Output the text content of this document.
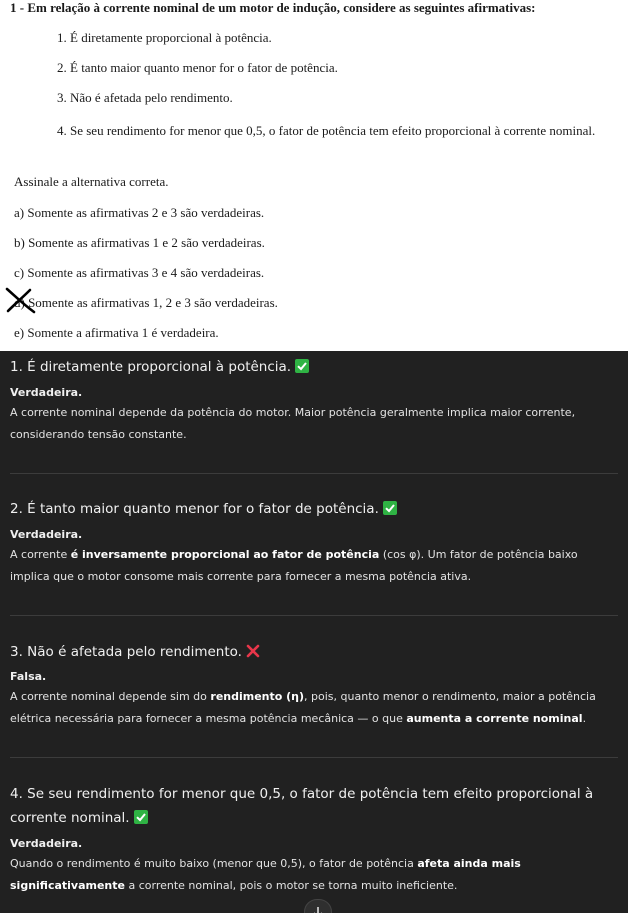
1 - Em relação à corrente nominal de um motor de indução, considere as seguintes afirmativas:
1. É diretamente proporcional à potência.
2. É tanto maior quanto menor for o fator de potência.
3. Não é afetada pelo rendimento.
4. Se seu rendimento for menor que 0,5, o fator de potência tem efeito proporcional à corrente nominal.
Assinale a alternativa correta.
a) Somente as afirmativas 2 e 3 são verdadeiras.
b) Somente as afirmativas 1 e 2 são verdadeiras.
c) Somente as afirmativas 3 e 4 são verdadeiras.
d) Somente as afirmativas 1, 2 e 3 são verdadeiras.
e) Somente a afirmativa 1 é verdadeira.

1. É diretamente proporcional à potência.

Verdadeira.

A corrente nominal depende da potência do motor. Maior potência geralmente implica maior corrente, considerando tensão constante.

2. É tanto maior quanto menor for o fator de potência.

Verdadeira.

A corrente é inversamente proporcional ao fator de potência (cos φ). Um fator de potência baixo implica que o motor consome mais corrente para fornecer a mesma potência ativa.

3. Não é afetada pelo rendimento.

Falsa.

A corrente nominal depende sim do rendimento (η), pois, quanto menor o rendimento, maior a potência elétrica necessária para fornecer a mesma potência mecânica — o que aumenta a corrente nominal.

4. Se seu rendimento for menor que 0,5, o fator de potência tem efeito proporcional à corrente nominal.

Verdadeira.

Quando o rendimento é muito baixo (menor que 0,5), o fator de potência afeta ainda mais significativamente a corrente nominal, pois o motor se torna muito ineficiente.
